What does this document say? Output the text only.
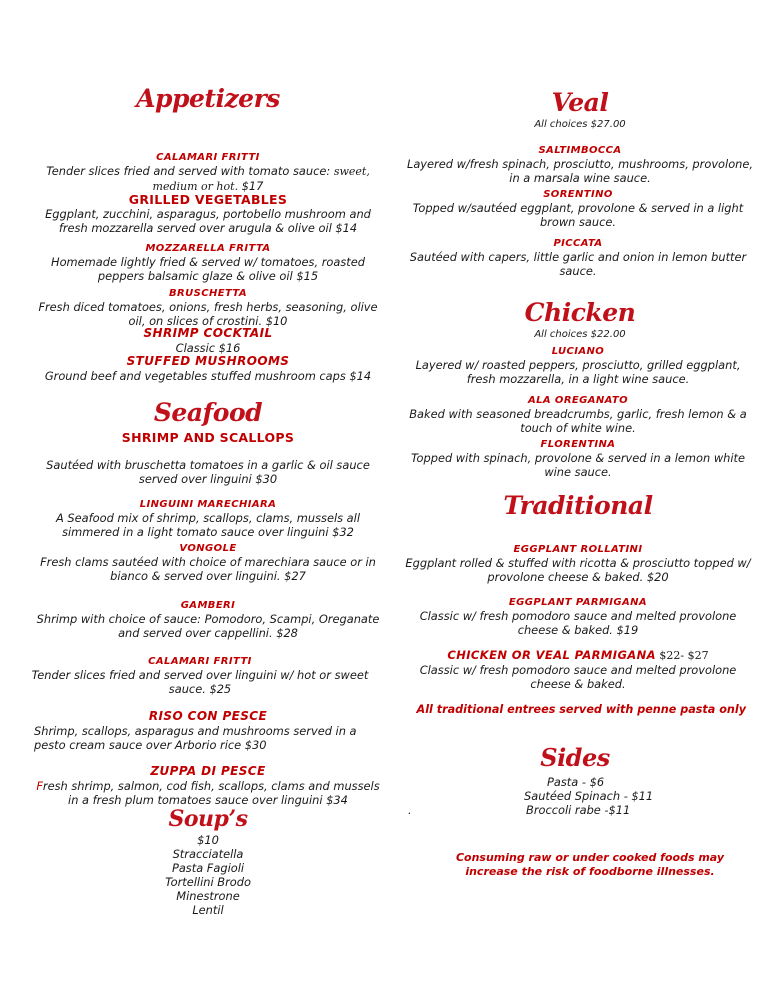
Appetizers
CALAMARI FRITTI
Tender slices fried and served with tomato sauce: sweet, medium or hot. $17
GRILLED VEGETABLES
Eggplant, zucchini, asparagus, portobello mushroom and fresh mozzarella served over arugula & olive oil $14
MOZZARELLA FRITTA
Homemade lightly fried & served w/ tomatoes, roasted peppers balsamic glaze & olive oil $15
BRUSCHETTA
Fresh diced tomatoes, onions, fresh herbs, seasoning, olive oil, on slices of crostini. $10
SHRIMP COCKTAIL
Classic $16
STUFFED MUSHROOMS
Ground beef and vegetables stuffed mushroom caps $14
Seafood
SHRIMP AND SCALLOPS
Sautéed with bruschetta tomatoes in a garlic & oil sauce served over linguini $30
LINGUINI MARECHIARA
A Seafood mix of shrimp, scallops, clams, mussels all simmered in a light tomato sauce over linguini $32
VONGOLE
Fresh clams sautéed with choice of marechiara sauce or in bianco & served over linguini. $27
GAMBERI
Shrimp with choice of sauce: Pomodoro, Scampi, Oreganate and served over cappellini. $28
CALAMARI FRITTI
Tender slices fried and served over linguini w/ hot or sweet sauce. $25
RISO CON PESCE
Shrimp, scallops, asparagus and mushrooms served in a pesto cream sauce over Arborio rice $30
ZUPPA DI PESCE
Fresh shrimp, salmon, cod fish, scallops, clams and mussels in a fresh plum tomatoes sauce over linguini $34
Soup’s
$10
Stracciatella
Pasta Fagioli
Tortellini Brodo
Minestrone
Lentil
Veal
All choices $27.00
SALTIMBOCCA
Layered w/fresh spinach, prosciutto, mushrooms, provolone, in a marsala wine sauce.
SORENTINO
Topped w/sautéed eggplant, provolone & served in a light brown sauce.
PICCATA
Sautéed with capers, little garlic and onion in lemon butter sauce.
Chicken
All choices $22.00
LUCIANO
Layered w/ roasted peppers, prosciutto, grilled eggplant, fresh mozzarella, in a light wine sauce.
ALA OREGANATO
Baked with seasoned breadcrumbs, garlic, fresh lemon & a touch of white wine.
FLORENTINA
Topped with spinach, provolone & served in a lemon white wine sauce.
Traditional
EGGPLANT ROLLATINI
Eggplant rolled & stuffed with ricotta & prosciutto topped w/ provolone cheese & baked. $20
EGGPLANT PARMIGANA
Classic w/ fresh pomodoro sauce and melted provolone cheese & baked. $19
CHICKEN OR VEAL PARMIGANA $22- $27
Classic w/ fresh pomodoro sauce and melted provolone cheese & baked.
All traditional entrees served with penne pasta only
Sides
Pasta - $6
Sautéed Spinach - $11
.	Broccoli rabe -$11
Consuming raw or under cooked foods may increase the risk of foodborne illnesses.
